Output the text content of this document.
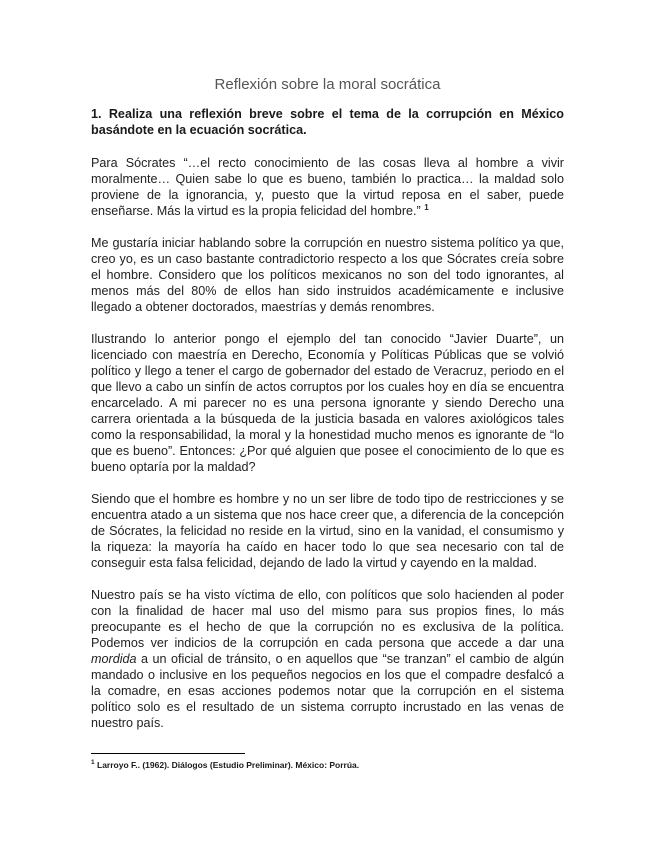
Reflexión sobre la moral socrática

1. Realiza una reflexión breve sobre el tema de la corrupción en México basándote en la ecuación socrática.

Para Sócrates “…el recto conocimiento de las cosas lleva al hombre a vivir moralmente… Quien sabe lo que es bueno, también lo practica… la maldad solo proviene de la ignorancia, y, puesto que la virtud reposa en el saber, puede enseñarse. Más la virtud es la propia felicidad del hombre.” $^1$

Me gustaría iniciar hablando sobre la corrupción en nuestro sistema político ya que, creo yo, es un caso bastante contradictorio respecto a los que Sócrates creía sobre el hombre. Considero que los políticos mexicanos no son del todo ignorantes, al menos más del 80% de ellos han sido instruidos académicamente e inclusive llegado a obtener doctorados, maestrías y demás renombres.

Ilustrando lo anterior pongo el ejemplo del tan conocido “Javier Duarte”, un licenciado con maestría en Derecho, Economía y Políticas Públicas que se volvió político y llego a tener el cargo de gobernador del estado de Veracruz, periodo en el que llevo a cabo un sinfín de actos corruptos por los cuales hoy en día se encuentra encarcelado. A mi parecer no es una persona ignorante y siendo Derecho una carrera orientada a la búsqueda de la justicia basada en valores axiológicos tales como la responsabilidad, la moral y la honestidad mucho menos es ignorante de “lo que es bueno”. Entonces: ¿Por qué alguien que posee el conocimiento de lo que es bueno optaría por la maldad?

Siendo que el hombre es hombre y no un ser libre de todo tipo de restricciones y se encuentra atado a un sistema que nos hace creer que, a diferencia de la concepción de Sócrates, la felicidad no reside en la virtud, sino en la vanidad, el consumismo y la riqueza: la mayoría ha caído en hacer todo lo que sea necesario con tal de conseguir esta falsa felicidad, dejando de lado la virtud y cayendo en la maldad.

Nuestro país se ha visto víctima de ello, con políticos que solo hacienden al poder con la finalidad de hacer mal uso del mismo para sus propios fines, lo más preocupante es el hecho de que la corrupción no es exclusiva de la política. Podemos ver indicios de la corrupción en cada persona que accede a dar una mordida a un oficial de tránsito, o en aquellos que “se tranzan” el cambio de algún mandado o inclusive en los pequeños negocios en los que el compadre desfalcó a la comadre, en esas acciones podemos notar que la corrupción en el sistema político solo es el resultado de un sistema corrupto incrustado en las venas de nuestro país.

$^1$ Larroyo F.. (1962). Diálogos (Estudio Preliminar). México: Porrúa.
